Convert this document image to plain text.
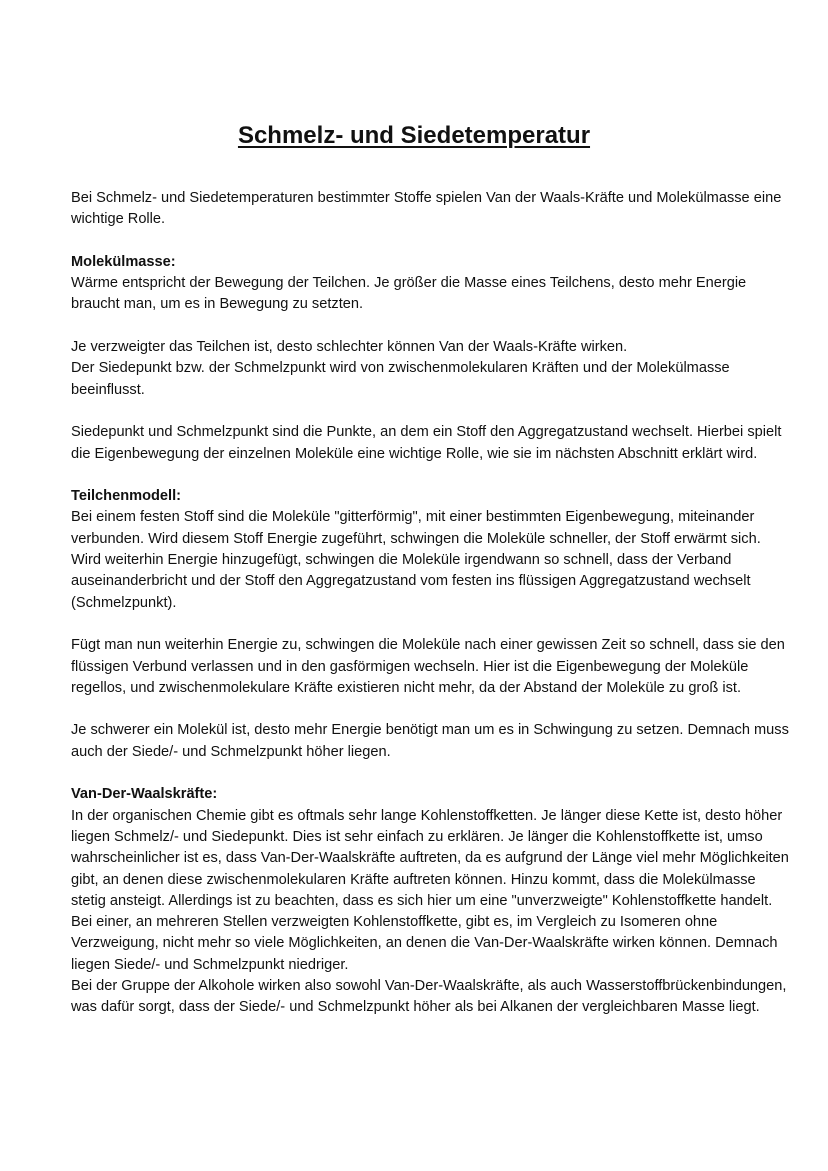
Schmelz- und Siedetemperatur

Bei Schmelz- und Siedetemperaturen bestimmter Stoffe spielen Van der Waals-Kräfte und Molekülmasse eine wichtige Rolle.

Molekülmasse:

Wärme entspricht der Bewegung der Teilchen. Je größer die Masse eines Teilchens, desto mehr Energie braucht man, um es in Bewegung zu setzten.

Je verzweigter das Teilchen ist, desto schlechter können Van der Waals-Kräfte wirken.

Der Siedepunkt bzw. der Schmelzpunkt wird von zwischenmolekularen Kräften und der Molekülmasse beeinflusst.

Siedepunkt und Schmelzpunkt sind die Punkte, an dem ein Stoff den Aggregatzustand wechselt. Hierbei spielt die Eigenbewegung der einzelnen Moleküle eine wichtige Rolle, wie sie im nächsten Abschnitt erklärt wird.

Teilchenmodell:

Bei einem festen Stoff sind die Moleküle "gitterförmig", mit einer bestimmten Eigenbewegung, miteinander verbunden. Wird diesem Stoff Energie zugeführt, schwingen die Moleküle schneller, der Stoff erwärmt sich. Wird weiterhin Energie hinzugefügt, schwingen die Moleküle irgendwann so schnell, dass der Verband auseinanderbricht und der Stoff den Aggregatzustand vom festen ins flüssigen Aggregatzustand wechselt (Schmelzpunkt).

Fügt man nun weiterhin Energie zu, schwingen die Moleküle nach einer gewissen Zeit so schnell, dass sie den flüssigen Verbund verlassen und in den gasförmigen wechseln. Hier ist die Eigenbewegung der Moleküle regellos, und zwischenmolekulare Kräfte existieren nicht mehr, da der Abstand der Moleküle zu groß ist.

Je schwerer ein Molekül ist, desto mehr Energie benötigt man um es in Schwingung zu setzen. Demnach muss auch der Siede/- und Schmelzpunkt höher liegen.

Van-Der-Waalskräfte:

In der organischen Chemie gibt es oftmals sehr lange Kohlenstoffketten. Je länger diese Kette ist, desto höher liegen Schmelz/- und Siedepunkt. Dies ist sehr einfach zu erklären. Je länger die Kohlenstoffkette ist, umso wahrscheinlicher ist es, dass Van-Der-Waalskräfte auftreten, da es aufgrund der Länge viel mehr Möglichkeiten gibt, an denen diese zwischenmolekularen Kräfte auftreten können. Hinzu kommt, dass die Molekülmasse stetig ansteigt. Allerdings ist zu beachten, dass es sich hier um eine "unverzweigte" Kohlenstoffkette handelt. Bei einer, an mehreren Stellen verzweigten Kohlenstoffkette, gibt es, im Vergleich zu Isomeren ohne Verzweigung, nicht mehr so viele Möglichkeiten, an denen die Van-Der-Waalskräfte wirken können. Demnach liegen Siede/- und Schmelzpunkt niedriger.

Bei der Gruppe der Alkohole wirken also sowohl Van-Der-Waalskräfte, als auch Wasserstoffbrückenbindungen, was dafür sorgt, dass der Siede/- und Schmelzpunkt höher als bei Alkanen der vergleichbaren Masse liegt.
